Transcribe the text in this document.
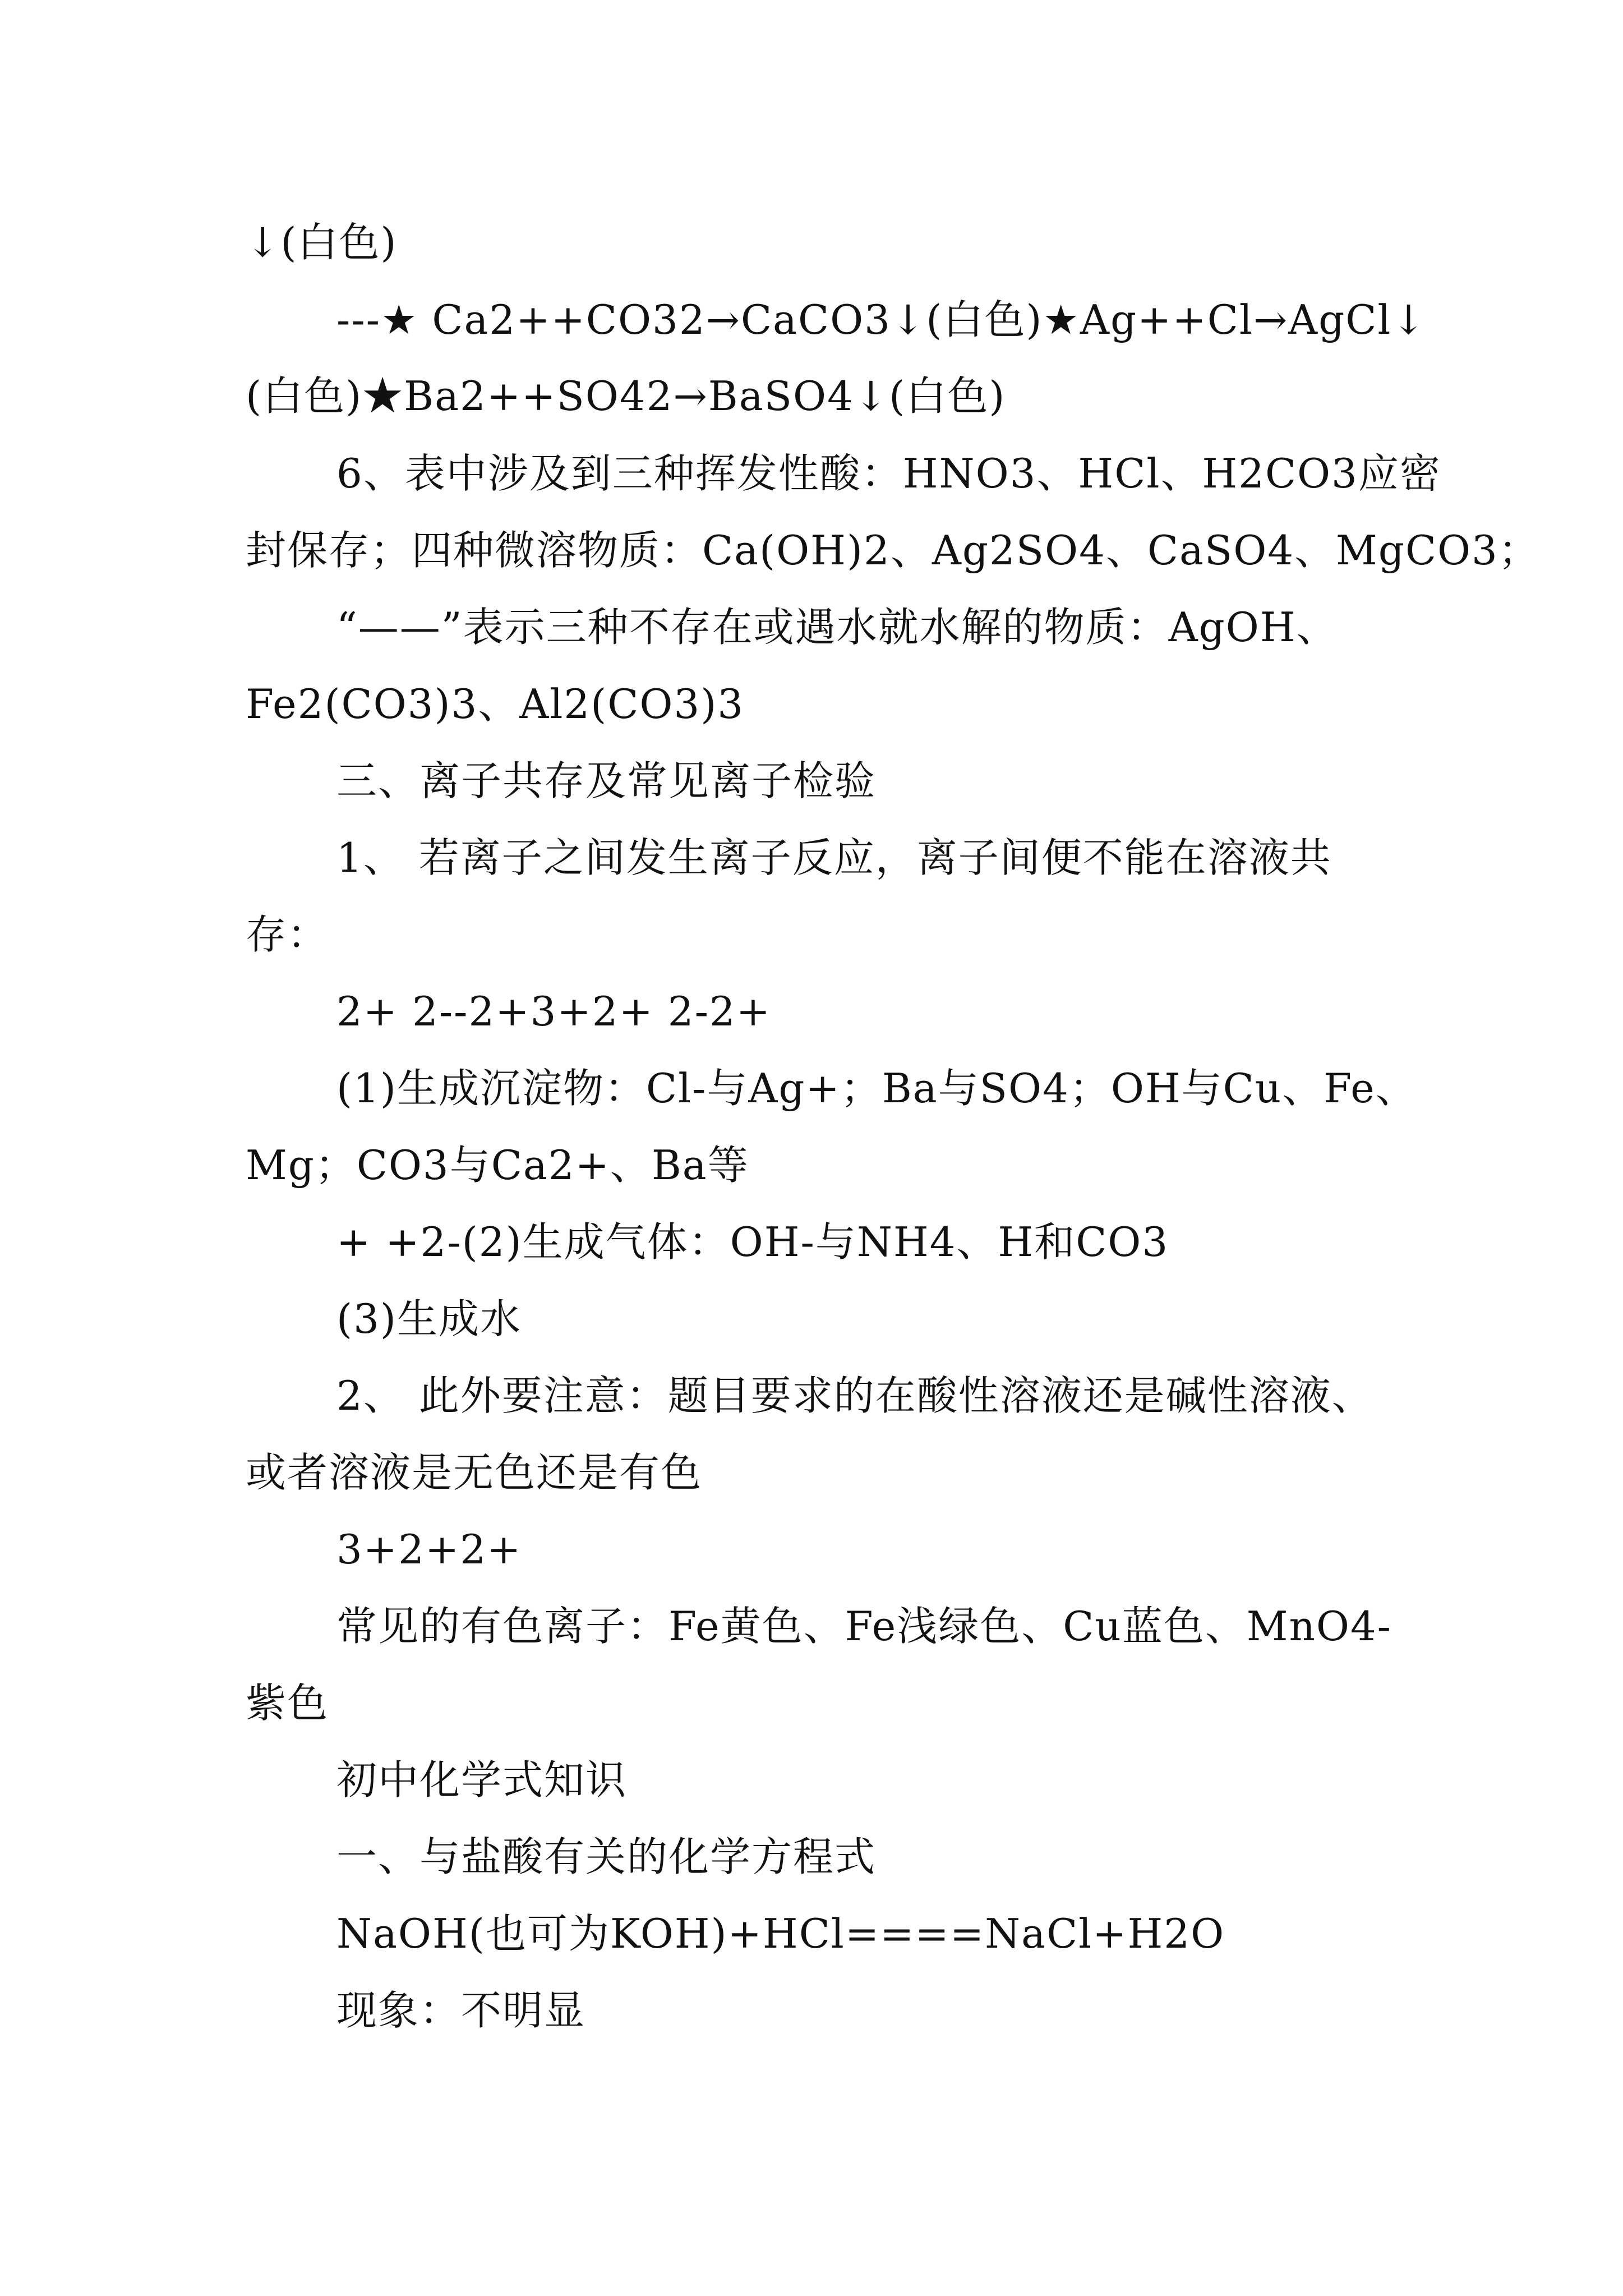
↓(白色)
---★ Ca2++CO32→CaCO3↓(白色)★Ag++Cl→AgCl↓
(白色)★Ba2++SO42→BaSO4↓(白色)
6、表中涉及到三种挥发性酸：HNO3、HCl、H2CO3应密
封保存；四种微溶物质：Ca(OH)2、Ag2SO4、CaSO4、MgCO3；
“——”表示三种不存在或遇水就水解的物质：AgOH、
Fe2(CO3)3、Al2(CO3)3
三、离子共存及常见离子检验
1、 若离子之间发生离子反应，离子间便不能在溶液共
存：
2+ 2--2+3+2+ 2-2+
(1)生成沉淀物：Cl-与Ag+；Ba与SO4；OH与Cu、Fe、
Mg；CO3与Ca2+、Ba等
+ +2-(2)生成气体：OH-与NH4、H和CO3
(3)生成水
2、 此外要注意：题目要求的在酸性溶液还是碱性溶液、
或者溶液是无色还是有色
3+2+2+
常见的有色离子：Fe黄色、Fe浅绿色、Cu蓝色、MnO4-
紫色
初中化学式知识
一、与盐酸有关的化学方程式
NaOH(也可为KOH)+HCl====NaCl+H2O
现象：不明显
